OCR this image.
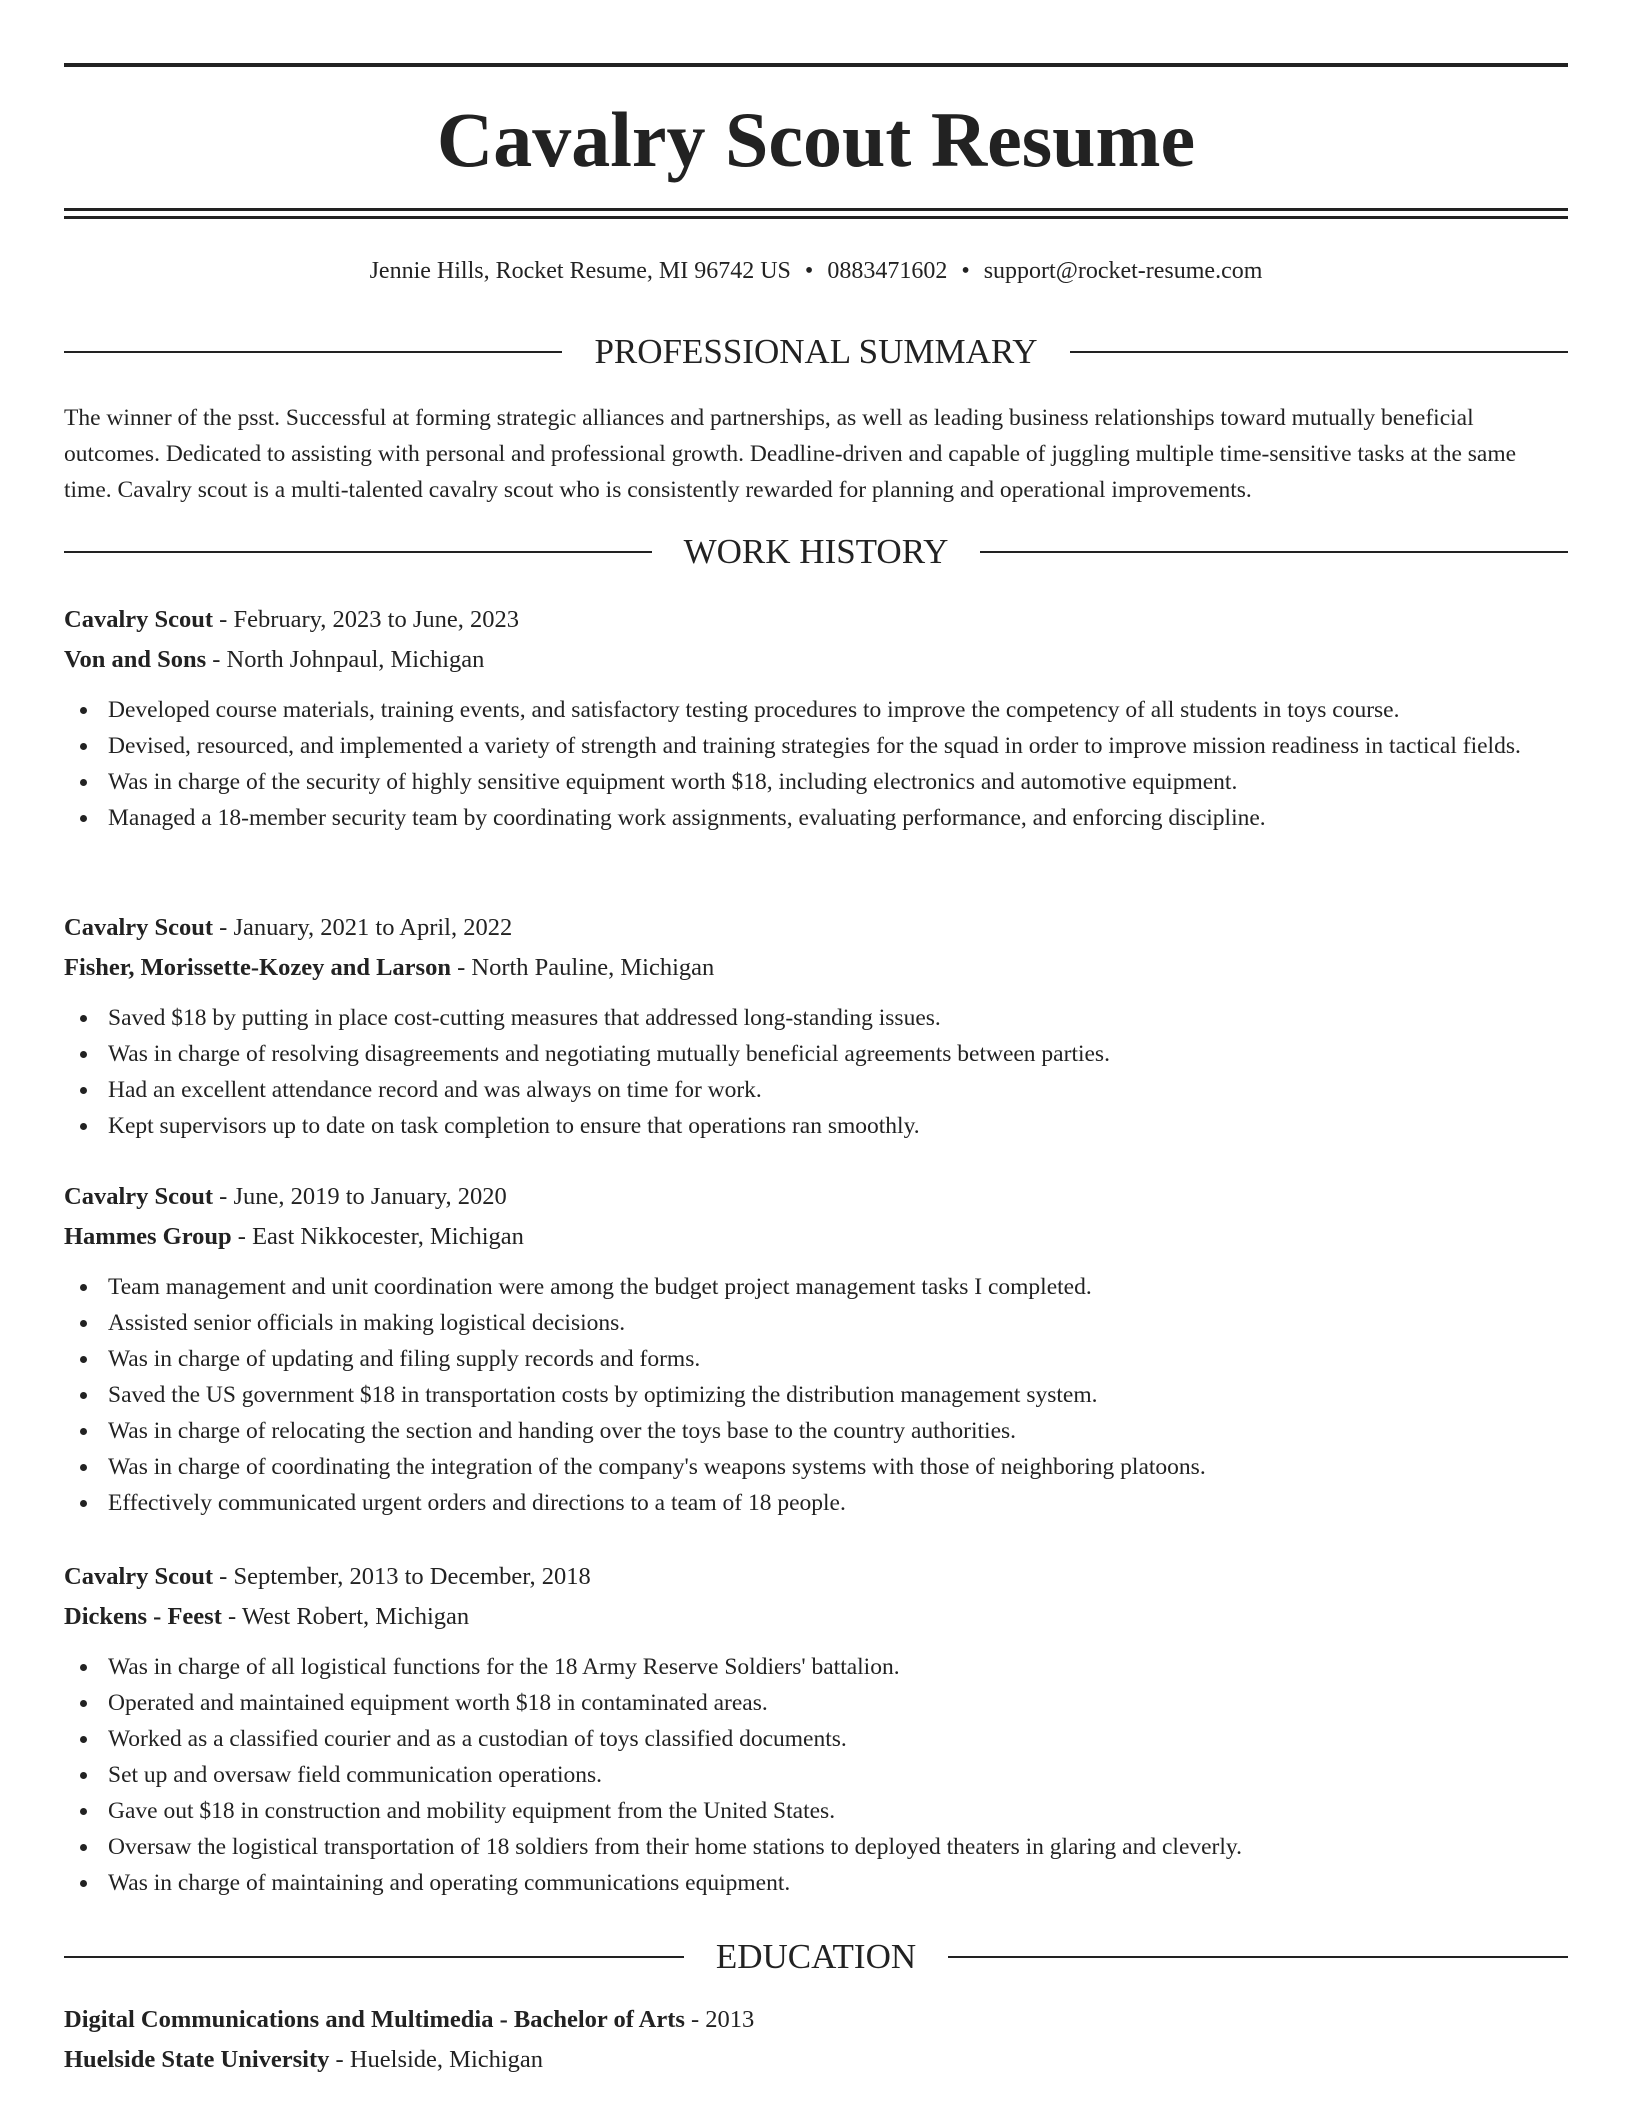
Cavalry Scout Resume
Jennie Hills, Rocket Resume, MI 96742 US • 0883471602 • support@rocket-resume.com
PROFESSIONAL SUMMARY

The winner of the psst. Successful at forming strategic alliances and partnerships, as well as leading business relationships toward mutually beneficial outcomes. Dedicated to assisting with personal and professional growth. Deadline-driven and capable of juggling multiple time-sensitive tasks at the same time. Cavalry scout is a multi-talented cavalry scout who is consistently rewarded for planning and operational improvements.

WORK HISTORY
Cavalry Scout - February, 2023 to June, 2023
Von and Sons - North Johnpaul, Michigan
Developed course materials, training events, and satisfactory testing procedures to improve the competency of all students in toys course.
Devised, resourced, and implemented a variety of strength and training strategies for the squad in order to improve mission readiness in tactical fields.
Was in charge of the security of highly sensitive equipment worth $18, including electronics and automotive equipment.
Managed a 18-member security team by coordinating work assignments, evaluating performance, and enforcing discipline.
Cavalry Scout - January, 2021 to April, 2022
Fisher, Morissette-Kozey and Larson - North Pauline, Michigan
Saved $18 by putting in place cost-cutting measures that addressed long-standing issues.
Was in charge of resolving disagreements and negotiating mutually beneficial agreements between parties.
Had an excellent attendance record and was always on time for work.
Kept supervisors up to date on task completion to ensure that operations ran smoothly.
Cavalry Scout - June, 2019 to January, 2020
Hammes Group - East Nikkocester, Michigan
Team management and unit coordination were among the budget project management tasks I completed.
Assisted senior officials in making logistical decisions.
Was in charge of updating and filing supply records and forms.
Saved the US government $18 in transportation costs by optimizing the distribution management system.
Was in charge of relocating the section and handing over the toys base to the country authorities.
Was in charge of coordinating the integration of the company's weapons systems with those of neighboring platoons.
Effectively communicated urgent orders and directions to a team of 18 people.
Cavalry Scout - September, 2013 to December, 2018
Dickens - Feest - West Robert, Michigan
Was in charge of all logistical functions for the 18 Army Reserve Soldiers' battalion.
Operated and maintained equipment worth $18 in contaminated areas.
Worked as a classified courier and as a custodian of toys classified documents.
Set up and oversaw field communication operations.
Gave out $18 in construction and mobility equipment from the United States.
Oversaw the logistical transportation of 18 soldiers from their home stations to deployed theaters in glaring and cleverly.
Was in charge of maintaining and operating communications equipment.
EDUCATION
Digital Communications and Multimedia - Bachelor of Arts - 2013
Huelside State University - Huelside, Michigan
